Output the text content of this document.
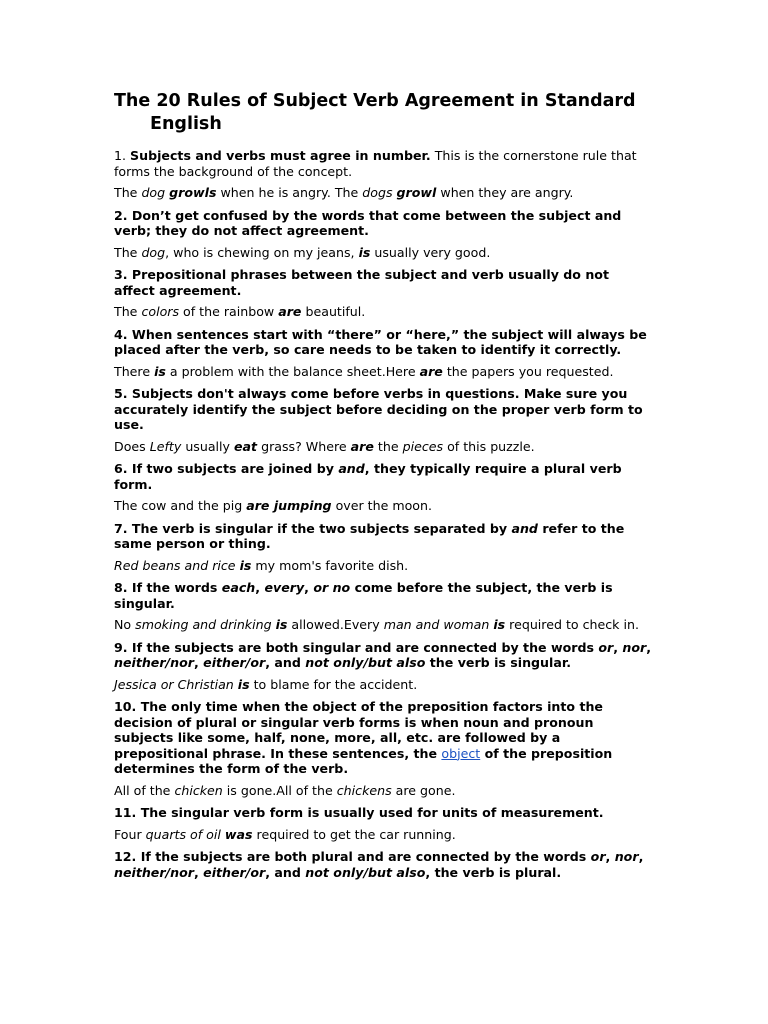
The 20 Rules of Subject Verb Agreement in Standard English

1. Subjects and verbs must agree in number. This is the cornerstone rule that forms the background of the concept.

The dog growls when he is angry. The dogs growl when they are angry.

2. Don’t get confused by the words that come between the subject and verb; they do not affect agreement.

The dog, who is chewing on my jeans, is usually very good.

3. Prepositional phrases between the subject and verb usually do not affect agreement.

The colors of the rainbow are beautiful.

4. When sentences start with “there” or “here,” the subject will always be placed after the verb, so care needs to be taken to identify it correctly.

There is a problem with the balance sheet.Here are the papers you requested.

5. Subjects don't always come before verbs in questions. Make sure you accurately identify the subject before deciding on the proper verb form to use.

Does Lefty usually eat grass? Where are the pieces of this puzzle.

6. If two subjects are joined by and, they typically require a plural verb form.

The cow and the pig are jumping over the moon.

7. The verb is singular if the two subjects separated by and refer to the same person or thing.

Red beans and rice is my mom's favorite dish.

8. If the words each, every, or no come before the subject, the verb is singular.

No smoking and drinking is allowed.Every man and woman is required to check in.

9. If the subjects are both singular and are connected by the words or, nor, neither/nor, either/or, and not only/but also the verb is singular.

Jessica or Christian is to blame for the accident.

10. The only time when the object of the preposition factors into the decision of plural or singular verb forms is when noun and pronoun subjects like some, half, none, more, all, etc. are followed by a prepositional phrase. In these sentences, the object of the preposition determines the form of the verb.

All of the chicken is gone.All of the chickens are gone.

11. The singular verb form is usually used for units of measurement.

Four quarts of oil was required to get the car running.

12. If the subjects are both plural and are connected by the words or, nor, neither/nor, either/or, and not only/but also, the verb is plural.
